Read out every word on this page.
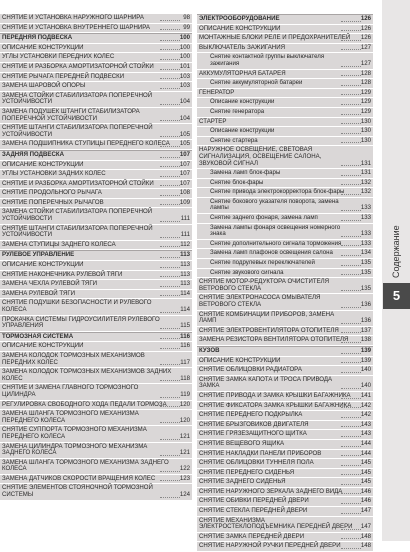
СНЯТИЕ И УСТАНОВКА НАРУЖНОГО ШАРНИРА	98
СНЯТИЕ И УСТАНОВКА ВНУТРЕННЕГО ШАРНИРА	99
ПЕРЕДНЯЯ ПОДВЕСКА	100
ОПИСАНИЕ КОНСТРУКЦИИ	100
УГЛЫ УСТАНОВКИ ПЕРЕДНИХ КОЛЕС	100
СНЯТИЕ И РАЗБОРКА АМОРТИЗАТОРНОЙ СТОЙКИ	101
СНЯТИЕ РЫЧАГА ПЕРЕДНЕЙ ПОДВЕСКИ	103
ЗАМЕНА ШАРОВОЙ ОПОРЫ	103
ЗАМЕНА СТОЙКИ СТАБИЛИЗАТОРА ПОПЕРЕЧНОЙ УСТОЙЧИВОСТИ	104
ЗАМЕНА ПОДУШЕК ШТАНГИ СТАБИЛИЗАТОРА ПОПЕРЕЧНОЙ УСТОЙЧИВОСТИ	104
СНЯТИЕ ШТАНГИ СТАБИЛИЗАТОРА ПОПЕРЕЧНОЙ УСТОЙЧИВОСТИ	105
ЗАМЕНА ПОДШИПНИКА СТУПИЦЫ ПЕРЕДНЕГО КОЛЕСА 105
ЗАДНЯЯ ПОДВЕСКА	107
ОПИСАНИЕ КОНСТРУКЦИИ	107
УГЛЫ УСТАНОВКИ ЗАДНИХ КОЛЕС	107
СНЯТИЕ И РАЗБОРКА АМОРТИЗАТОРНОЙ СТОЙКИ	107
СНЯТИЕ ПРОДОЛЬНОГО РЫЧАГА	108
СНЯТИЕ ПОПЕРЕЧНЫХ РЫЧАГОВ	109
ЗАМЕНА СТОЙКИ СТАБИЛИЗАТОРА ПОПЕРЕЧНОЙ УСТОЙЧИВОСТИ	111
СНЯТИЕ ШТАНГИ СТАБИЛИЗАТОРА ПОПЕРЕЧНОЙ УСТОЙЧИВОСТИ	111
ЗАМЕНА СТУПИЦЫ ЗАДНЕГО КОЛЕСА	112
РУЛЕВОЕ УПРАВЛЕНИЕ	113
ОПИСАНИЕ КОНСТРУКЦИИ	113
СНЯТИЕ НАКОНЕЧНИКА РУЛЕВОЙ ТЯГИ	113
ЗАМЕНА ЧЕХЛА РУЛЕВОЙ ТЯГИ	113
ЗАМЕНА РУЛЕВОЙ ТЯГИ	114
СНЯТИЕ ПОДУШКИ БЕЗОПАСНОСТИ И РУЛЕВОГО КОЛЕСА	114
ПРОКАЧКА СИСТЕМЫ ГИДРОУСИЛИТЕЛЯ РУЛЕВОГО УПРАВЛЕНИЯ	115
ТОРМОЗНАЯ СИСТЕМА	116
ОПИСАНИЕ КОНСТРУКЦИИ	116
ЗАМЕНА КОЛОДОК ТОРМОЗНЫХ МЕХАНИЗМОВ ПЕРЕДНИХ КОЛЕС	117
ЗАМЕНА КОЛОДОК ТОРМОЗНЫХ МЕХАНИЗМОВ ЗАДНИХ КОЛЕС	118
СНЯТИЕ И ЗАМЕНА ГЛАВНОГО ТОРМОЗНОГО ЦИЛИНДРА	119
РЕГУЛИРОВКА СВОБОДНОГО ХОДА ПЕДАЛИ ТОРМОЗА 120
ЗАМЕНА ШЛАНГА ТОРМОЗНОГО МЕХАНИЗМА ПЕРЕДНЕГО КОЛЕСА	120
СНЯТИЕ СУППОРТА ТОРМОЗНОГО МЕХАНИЗМА ПЕРЕДНЕГО КОЛЕСА	121
ЗАМЕНА ЦИЛИНДРА ТОРМОЗНОГО МЕХАНИЗМА ЗАДНЕГО КОЛЕСА	121
ЗАМЕНА ШЛАНГА ТОРМОЗНОГО МЕХАНИЗМА ЗАДНЕГО КОЛЕСА	122
ЗАМЕНА ДАТЧИКОВ СКОРОСТИ ВРАЩЕНИЯ КОЛЕС	123
СНЯТИЕ ЭЛЕМЕНТОВ СТОЯНОЧНОЙ ТОРМОЗНОЙ СИСТЕМЫ	124
ЭЛЕКТРООБОРУДОВАНИЕ	126
ОПИСАНИЕ КОНСТРУКЦИИ	126
МОНТАЖНЫЕ БЛОКИ РЕЛЕ И ПРЕДОХРАНИТЕЛЕЙ 126
ВЫКЛЮЧАТЕЛЬ ЗАЖИГАНИЯ	127
Снятие контактной группы выключателя зажигания	127
АККУМУЛЯТОРНАЯ БАТАРЕЯ	128
Снятие аккумуляторной батареи	128
ГЕНЕРАТОР	129
Описание конструкции	129
Снятие генератора	129
СТАРТЕР	130
Описание конструкции	130
Снятие стартера	130
НАРУЖНОЕ ОСВЕЩЕНИЕ, СВЕТОВАЯ СИГНАЛИЗАЦИЯ, ОСВЕЩЕНИЕ САЛОНА, ЗВУКОВОЙ СИГНАЛ	131
Замена ламп блок-фары	131
Снятие блок-фары	132
Снятие привода электрокорректора блок-фары	132
Снятие бокового указателя поворота, замена лампы	133
Снятие заднего фонаря, замена ламп	133
Замена лампы фонаря освещения номерного знака	133
Снятие дополнительного сигнала торможения	133
Замена ламп плафонов освещения салона	134
Снятие подрулевых переключателей	135
Снятие звукового сигнала	135
СНЯТИЕ МОТОР-РЕДУКТОРА ОЧИСТИТЕЛЯ ВЕТРОВОГО СТЕКЛА	135
СНЯТИЕ ЭЛЕКТРОНАСОСА ОМЫВАТЕЛЯ ВЕТРОВОГО СТЕКЛА	136
СНЯТИЕ КОМБИНАЦИИ ПРИБОРОВ, ЗАМЕНА ЛАМП	136
СНЯТИЕ ЭЛЕКТРОВЕНТИЛЯТОРА ОТОПИТЕЛЯ	137
ЗАМЕНА РЕЗИСТОРА ВЕНТИЛЯТОРА ОТОПИТЕЛЯ 138
КУЗОВ	139
ОПИСАНИЕ КОНСТРУКЦИИ	139
СНЯТИЕ ОБЛИЦОВКИ РАДИАТОРА	140
СНЯТИЕ ЗАМКА КАПОТА И ТРОСА ПРИВОДА ЗАМКА	140
СНЯТИЕ ПРИВОДА И ЗАМКА КРЫШКИ БАГАЖНИКА 141
СНЯТИЕ ФИКСАТОРА ЗАМКА КРЫШКИ БАГАЖНИКА 142
СНЯТИЕ ПЕРЕДНЕГО ПОДКРЫЛКА	142
СНЯТИЕ БРЫЗГОВИКОВ ДВИГАТЕЛЯ	143
СНЯТИЕ ГРЯЗЕЗАЩИТНОГО ЩИТКА	143
СНЯТИЕ ВЕЩЕВОГО ЯЩИКА	144
СНЯТИЕ НАКЛАДКИ ПАНЕЛИ ПРИБОРОВ	144
СНЯТИЕ ОБЛИЦОВКИ ТУННЕЛЯ ПОЛА	145
СНЯТИЕ ПЕРЕДНЕГО СИДЕНЬЯ	145
СНЯТИЕ ЗАДНЕГО СИДЕНЬЯ	145
СНЯТИЕ НАРУЖНОГО ЗЕРКАЛА ЗАДНЕГО ВИДА	146
СНЯТИЕ ОБИВКИ ПЕРЕДНЕЙ ДВЕРИ	146
СНЯТИЕ СТЕКЛА ПЕРЕДНЕЙ ДВЕРИ	147
СНЯТИЕ МЕХАНИЗМА ЭЛЕКТРОСТЕКЛОПОДЪЕМНИКА ПЕРЕДНЕЙ ДВЕРИ 147
СНЯТИЕ ЗАМКА ПЕРЕДНЕЙ ДВЕРИ	148
СНЯТИЕ НАРУЖНОЙ РУЧКИ ПЕРЕДНЕЙ ДВЕРИ	148
Содержание
5
